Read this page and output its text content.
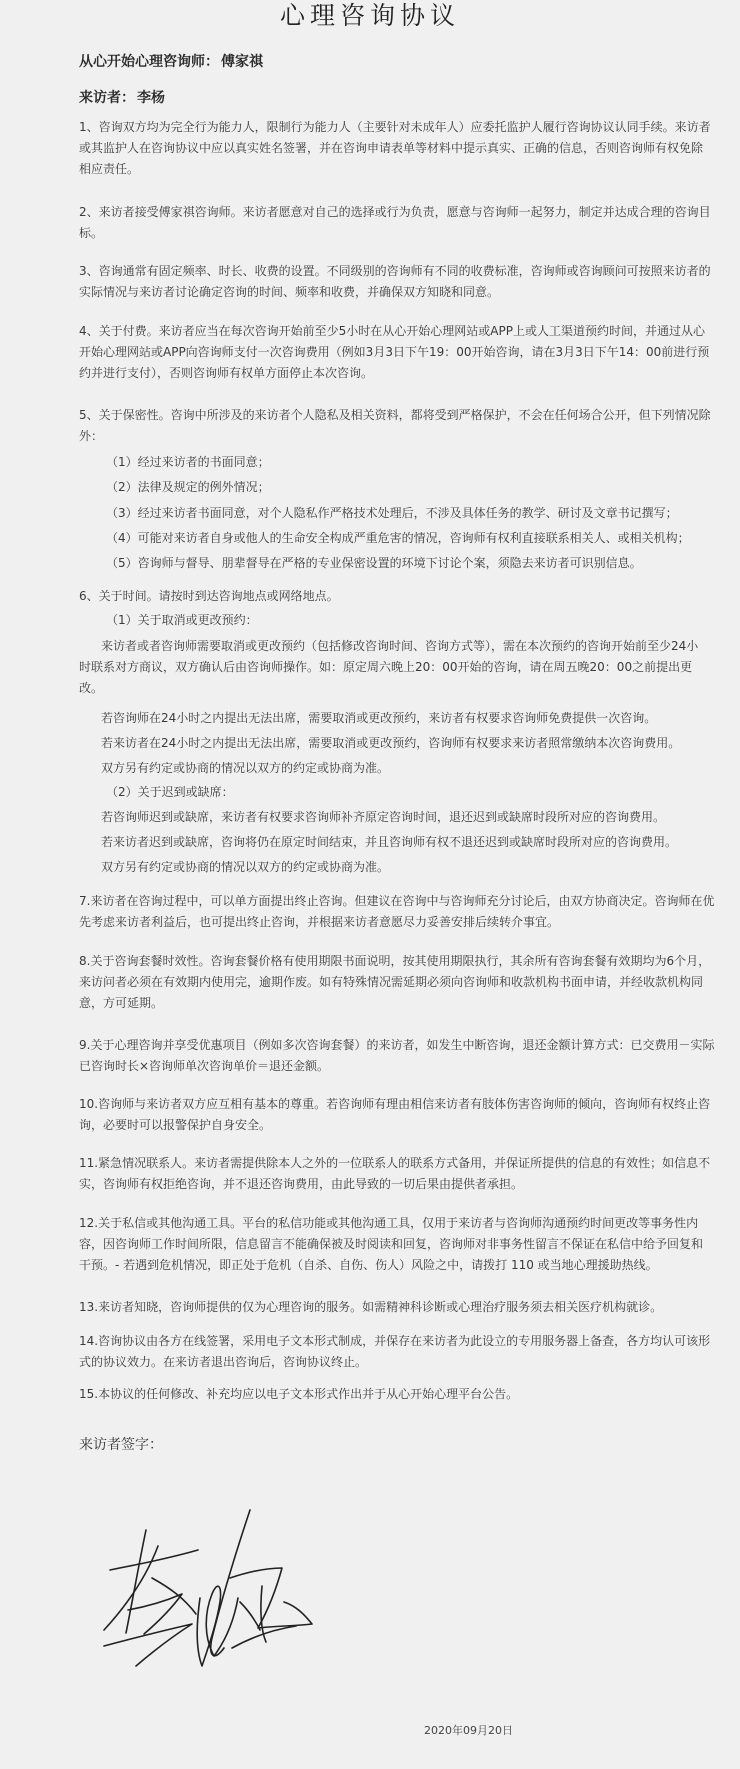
心理咨询协议
从心开始心理咨询师： 傅家祺
来访者： 李杨
1、咨询双方均为完全行为能力人，限制行为能力人（主要针对未成年人）应委托监护人履行咨询协议认同手续。来访者
或其监护人在咨询协议中应以真实姓名签署，并在咨询申请表单等材料中提示真实、正确的信息，否则咨询师有权免除
相应责任。
2、来访者接受傅家祺咨询师。来访者愿意对自己的选择或行为负责，愿意与咨询师一起努力，制定并达成合理的咨询目
标。
3、咨询通常有固定频率、时长、收费的设置。不同级别的咨询师有不同的收费标准，咨询师或咨询顾问可按照来访者的
实际情况与来访者讨论确定咨询的时间、频率和收费，并确保双方知晓和同意。
4、关于付费。来访者应当在每次咨询开始前至少5小时在从心开始心理网站或APP上或人工渠道预约时间，并通过从心
开始心理网站或APP向咨询师支付一次咨询费用（例如3月3日下午19：00开始咨询，请在3月3日下午14：00前进行预
约并进行支付），否则咨询师有权单方面停止本次咨询。
5、关于保密性。咨询中所涉及的来访者个人隐私及相关资料，都将受到严格保护，不会在任何场合公开，但下列情况除
外：
（1）经过来访者的书面同意；
（2）法律及规定的例外情况；
（3）经过来访者书面同意，对个人隐私作严格技术处理后，不涉及具体任务的教学、研讨及文章书记撰写；
（4）可能对来访者自身或他人的生命安全构成严重危害的情况，咨询师有权利直接联系相关人、或相关机构；
（5）咨询师与督导、朋辈督导在严格的专业保密设置的环境下讨论个案，须隐去来访者可识别信息。
6、关于时间。请按时到达咨询地点或网络地点。
（1）关于取消或更改预约：
来访者或者咨询师需要取消或更改预约（包括修改咨询时间、咨询方式等），需在本次预约的咨询开始前至少24小
时联系对方商议，双方确认后由咨询师操作。如：原定周六晚上20：00开始的咨询，请在周五晚20：00之前提出更
改。
若咨询师在24小时之内提出无法出席，需要取消或更改预约，来访者有权要求咨询师免费提供一次咨询。
若来访者在24小时之内提出无法出席，需要取消或更改预约，咨询师有权要求来访者照常缴纳本次咨询费用。
双方另有约定或协商的情况以双方的约定或协商为准。
（2）关于迟到或缺席：
若咨询师迟到或缺席，来访者有权要求咨询师补齐原定咨询时间，退还迟到或缺席时段所对应的咨询费用。
若来访者迟到或缺席，咨询将仍在原定时间结束，并且咨询师有权不退还迟到或缺席时段所对应的咨询费用。
双方另有约定或协商的情况以双方的约定或协商为准。
7.来访者在咨询过程中，可以单方面提出终止咨询。但建议在咨询中与咨询师充分讨论后，由双方协商决定。咨询师在优
先考虑来访者利益后，也可提出终止咨询，并根据来访者意愿尽力妥善安排后续转介事宜。
8.关于咨询套餐时效性。咨询套餐价格有使用期限书面说明，按其使用期限执行，其余所有咨询套餐有效期均为6个月，
来访问者必须在有效期内使用完，逾期作废。如有特殊情况需延期必须向咨询师和收款机构书面申请，并经收款机构同
意，方可延期。
9.关于心理咨询并享受优惠项目（例如多次咨询套餐）的来访者，如发生中断咨询，退还金额计算方式：已交费用－实际
已咨询时长×咨询师单次咨询单价＝退还金额。
10.咨询师与来访者双方应互相有基本的尊重。若咨询师有理由相信来访者有肢体伤害咨询师的倾向，咨询师有权终止咨
询，必要时可以报警保护自身安全。
11.紧急情况联系人。来访者需提供除本人之外的一位联系人的联系方式备用，并保证所提供的信息的有效性；如信息不
实，咨询师有权拒绝咨询，并不退还咨询费用，由此导致的一切后果由提供者承担。
12.关于私信或其他沟通工具。平台的私信功能或其他沟通工具，仅用于来访者与咨询师沟通预约时间更改等事务性内
容，因咨询师工作时间所限，信息留言不能确保被及时阅读和回复，咨询师对非事务性留言不保证在私信中给予回复和
干预。- 若遇到危机情况，即正处于危机（自杀、自伤、伤人）风险之中，请拨打 110 或当地心理援助热线。
13.来访者知晓，咨询师提供的仅为心理咨询的服务。如需精神科诊断或心理治疗服务须去相关医疗机构就诊。
14.咨询协议由各方在线签署，采用电子文本形式制成，并保存在来访者为此设立的专用服务器上备查，各方均认可该形
式的协议效力。在来访者退出咨询后，咨询协议终止。
15.本协议的任何修改、补充均应以电子文本形式作出并于从心开始心理平台公告。
来访者签字：
2020年09月20日
